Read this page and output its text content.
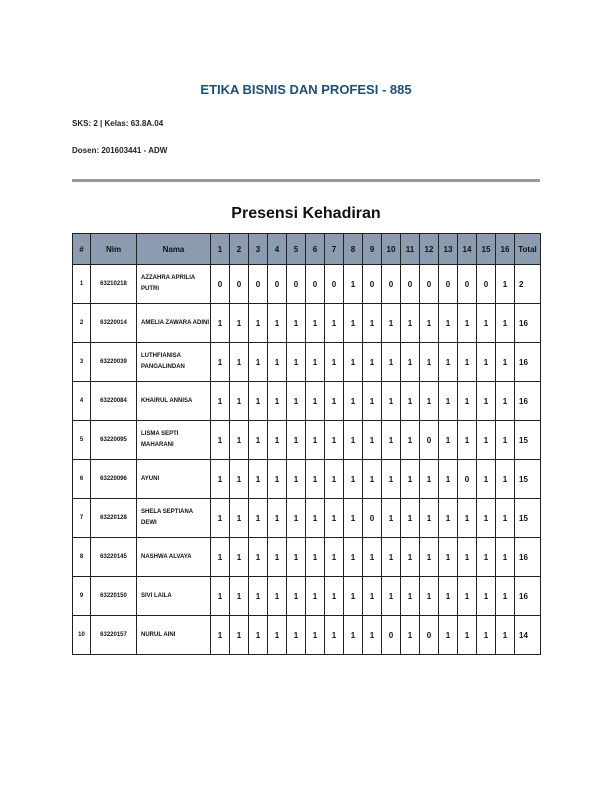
ETIKA BISNIS DAN PROFESI - 885
SKS: 2 | Kelas: 63.8A.04
Dosen: 201603441 - ADW
Presensi Kehadiran
#	Nim	Nama	1	2	3	4	5	6	7	8	9	10	11	12	13	14	15	16	Total
1	63210218	AZZAHRA APRILIA PUTRI	0	0	0	0	0	0	0	1	0	0	0	0	0	0	0	1	2
2	63220014	AMELIA ZAWARA ADINI	1	1	1	1	1	1	1	1	1	1	1	1	1	1	1	1	16
3	63220039	LUTHFIANISA PANGALINDAN	1	1	1	1	1	1	1	1	1	1	1	1	1	1	1	1	16
4	63220084	KHAIRUL ANNISA	1	1	1	1	1	1	1	1	1	1	1	1	1	1	1	1	16
5	63220095	LISMA SEPTI MAHARANI	1	1	1	1	1	1	1	1	1	1	1	0	1	1	1	1	15
6	63220096	AYUNI	1	1	1	1	1	1	1	1	1	1	1	1	1	0	1	1	15
7	63220128	SHELA SEPTIANA DEWI	1	1	1	1	1	1	1	1	0	1	1	1	1	1	1	1	15
8	63220145	NASHWA ALVAYA	1	1	1	1	1	1	1	1	1	1	1	1	1	1	1	1	16
9	63220150	SIVI LAILA	1	1	1	1	1	1	1	1	1	1	1	1	1	1	1	1	16
10	63220157	NURUL AINI	1	1	1	1	1	1	1	1	1	0	1	0	1	1	1	1	14
